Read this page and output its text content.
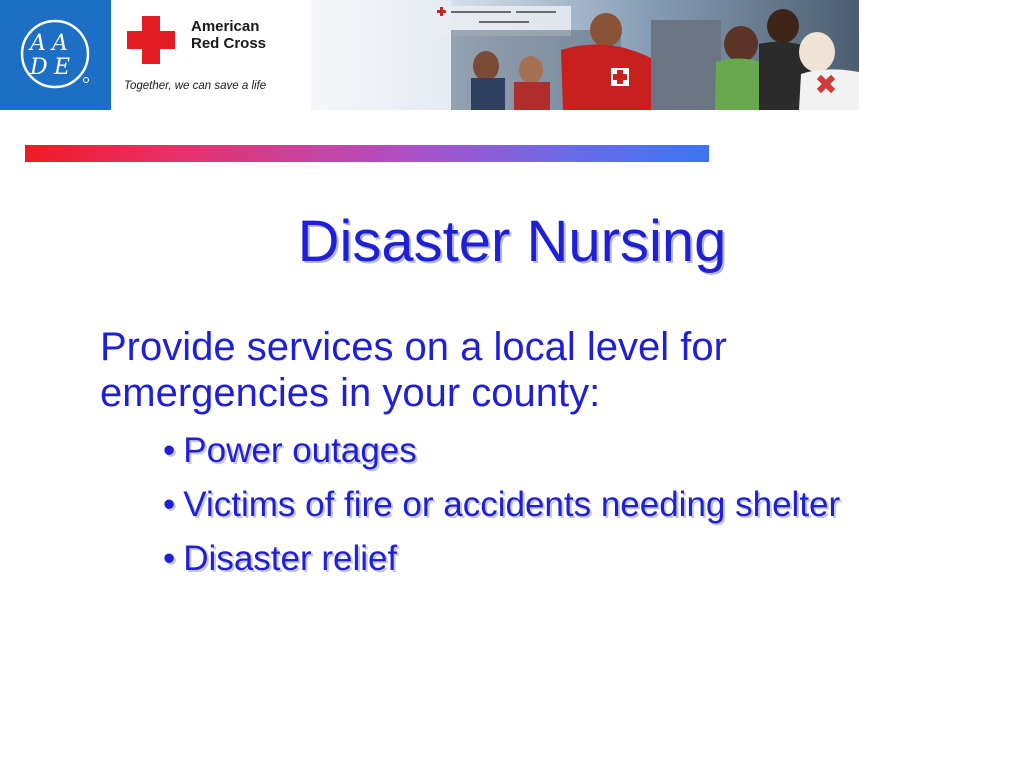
A A
D E
American
Red Cross
Together, we can save a life
Disaster Nursing

Provide services on a local level for emergencies in your county:

• Power outages
• Victims of fire or accidents needing shelter
• Disaster relief
